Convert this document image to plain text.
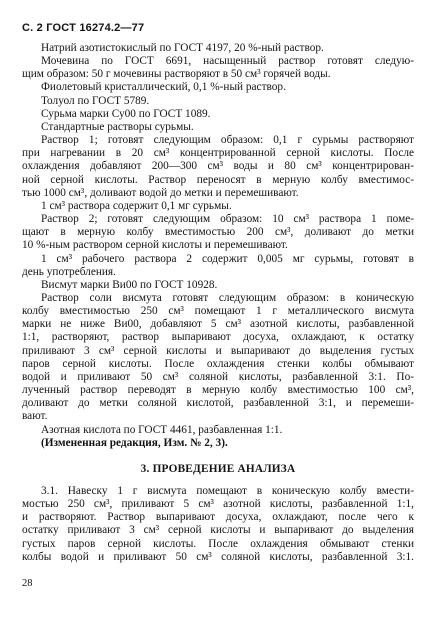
С. 2 ГОСТ 16274.2—77
Натрий азотистокислый по ГОСТ 4197, 20 %-ный раствор.
Мочевина по ГОСТ 6691, насыщенный раствор готовят следую-
щим образом: 50 г мочевины растворяют в 50 см³ горячей воды.
Фиолетовый кристаллический, 0,1 %-ный раствор.
Толуол по ГОСТ 5789.
Сурьма марки Су00 по ГОСТ 1089.
Стандартные растворы сурьмы.
Раствор 1; готовят следующим образом: 0,1 г сурьмы растворяют
при нагревании в 20 см³ концентрированной серной кислоты. После
охлаждения добавляют 200—300 см³ воды и 80 см³ концентрирован-
ной серной кислоты. Раствор переносят в мерную колбу вместимос-
тью 1000 см³, доливают водой до метки и перемешивают.
1 см³ раствора содержит 0,1 мг сурьмы.
Раствор 2; готовят следующим образом: 10 см³ раствора 1 поме-
щают в мерную колбу вместимостью 200 см³, доливают до метки
10 %-ным раствором серной кислоты и перемешивают.
1 см³ рабочего раствора 2 содержит 0,005 мг сурьмы, готовят в
день употребления.
Висмут марки Ви00 по ГОСТ 10928.
Раствор соли висмута готовят следующим образом: в коническую
колбу вместимостью 250 см³ помещают 1 г металлического висмута
марки не ниже Ви00, добавляют 5 см³ азотной кислоты, разбавленной
1:1, растворяют, раствор выпаривают досуха, охлаждают, к остатку
приливают 3 см³ серной кислоты и выпаривают до выделения густых
паров серной кислоты. После охлаждения стенки колбы обмывают
водой и приливают 50 см³ соляной кислоты, разбавленной 3:1. По-
лученный раствор переводят в мерную колбу вместимостью 100 см³,
доливают до метки соляной кислотой, разбавленной 3:1, и перемеши-
вают.
Азотная кислота по ГОСТ 4461, разбавленная 1:1.
(Измененная редакция, Изм. № 2, 3).
3. ПРОВЕДЕНИЕ АНАЛИЗА
3.1. Навеску 1 г висмута помещают в коническую колбу вмести-
мостью 250 см³, приливают 5 см³ азотной кислоты, разбавленной 1:1,
и растворяют. Раствор выпаривают досуха, охлаждают, после чего к
остатку приливают 3 см³ серной кислоты и выпаривают до выделения
густых паров серной кислоты. После охлаждения обмывают стенки
колбы водой и приливают 50 см³ соляной кислоты, разбавленной 3:1.
28
